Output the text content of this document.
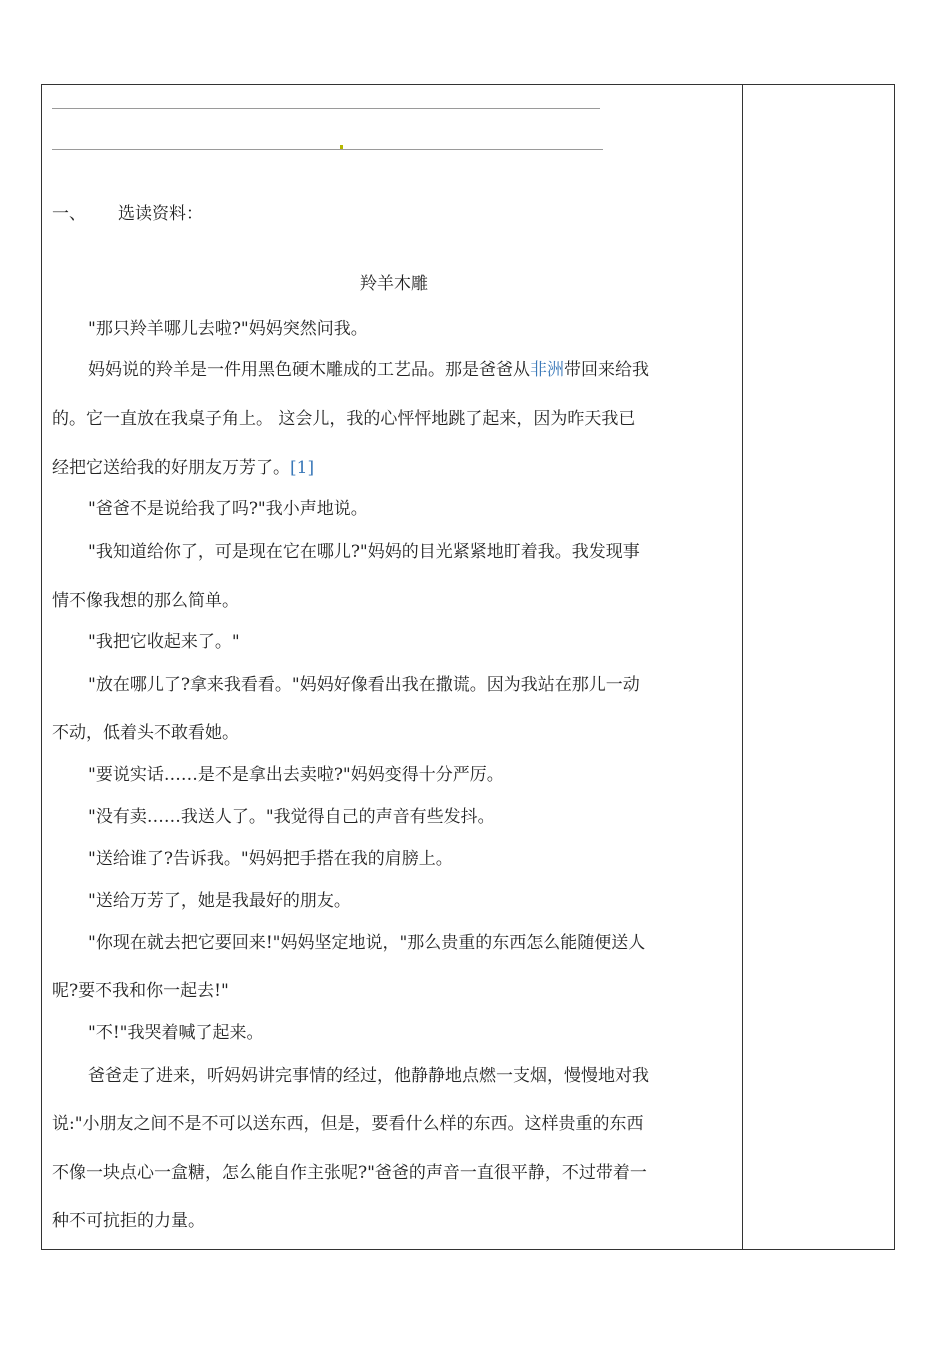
一、 选读资料：
羚羊木雕
"那只羚羊哪儿去啦?"妈妈突然问我。
妈妈说的羚羊是一件用黑色硬木雕成的工艺品。那是爸爸从非洲带回来给我
的。它一直放在我桌子角上。 这会儿，我的心怦怦地跳了起来，因为昨天我已
经把它送给我的好朋友万芳了。[1]
"爸爸不是说给我了吗?"我小声地说。
"我知道给你了，可是现在它在哪儿?"妈妈的目光紧紧地盯着我。我发现事
情不像我想的那么简单。
"我把它收起来了。"
"放在哪儿了?拿来我看看。"妈妈好像看出我在撒谎。因为我站在那儿一动
不动，低着头不敢看她。
"要说实话……是不是拿出去卖啦?"妈妈变得十分严厉。
"没有卖……我送人了。"我觉得自己的声音有些发抖。
"送给谁了?告诉我。"妈妈把手搭在我的肩膀上。
"送给万芳了，她是我最好的朋友。
"你现在就去把它要回来!"妈妈坚定地说，"那么贵重的东西怎么能随便送人
呢?要不我和你一起去!"
"不!"我哭着喊了起来。
爸爸走了进来，听妈妈讲完事情的经过，他静静地点燃一支烟，慢慢地对我
说:"小朋友之间不是不可以送东西，但是，要看什么样的东西。这样贵重的东西
不像一块点心一盒糖，怎么能自作主张呢?"爸爸的声音一直很平静，不过带着一
种不可抗拒的力量。
